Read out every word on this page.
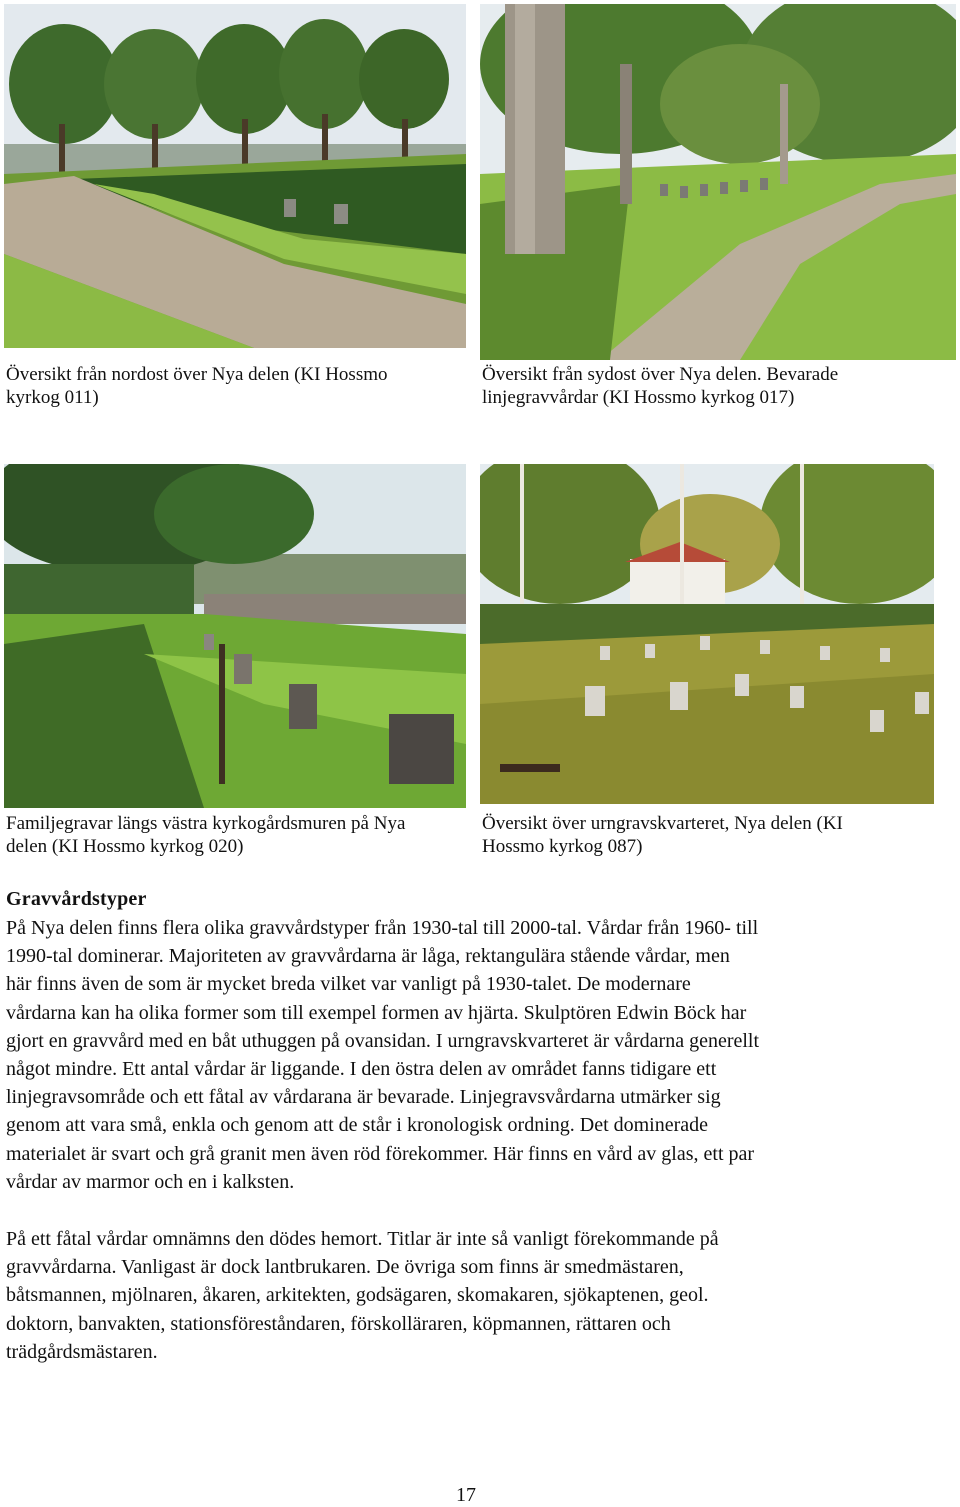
Översikt från nordost över Nya delen (KI Hossmo
kyrkog 011)
Översikt från sydost över Nya delen. Bevarade
linjegravvårdar (KI Hossmo kyrkog 017)
Familjegravar längs västra kyrkogårdsmuren på Nya
delen (KI Hossmo kyrkog 020)
Översikt över urngravskvarteret, Nya delen (KI
Hossmo kyrkog 087)
Gravvårdstyper
På Nya delen finns flera olika gravvårdstyper från 1930-tal till 2000-tal. Vårdar från 1960- till
1990-tal dominerar. Majoriteten av gravvårdarna är låga, rektangulära stående vårdar, men
här finns även de som är mycket breda vilket var vanligt på 1930-talet. De modernare
vårdarna kan ha olika former som till exempel formen av hjärta. Skulptören Edwin Böck har
gjort en gravvård med en båt uthuggen på ovansidan. I urngravskvarteret är vårdarna generellt
något mindre. Ett antal vårdar är liggande. I den östra delen av området fanns tidigare ett
linjegravsområde och ett fåtal av vårdarana är bevarade. Linjegravsvårdarna utmärker sig
genom att vara små, enkla och genom att de står i kronologisk ordning. Det dominerade
materialet är svart och grå granit men även röd förekommer. Här finns en vård av glas, ett par
vårdar av marmor och en i kalksten.
På ett fåtal vårdar omnämns den dödes hemort. Titlar är inte så vanligt förekommande på
gravvårdarna. Vanligast är dock lantbrukaren. De övriga som finns är smedmästaren,
båtsmannen, mjölnaren, åkaren, arkitekten, godsägaren, skomakaren, sjökaptenen, geol.
doktorn, banvakten, stationsföreståndaren, förskolläraren, köpmannen, rättaren och
trädgårdsmästaren.
17
